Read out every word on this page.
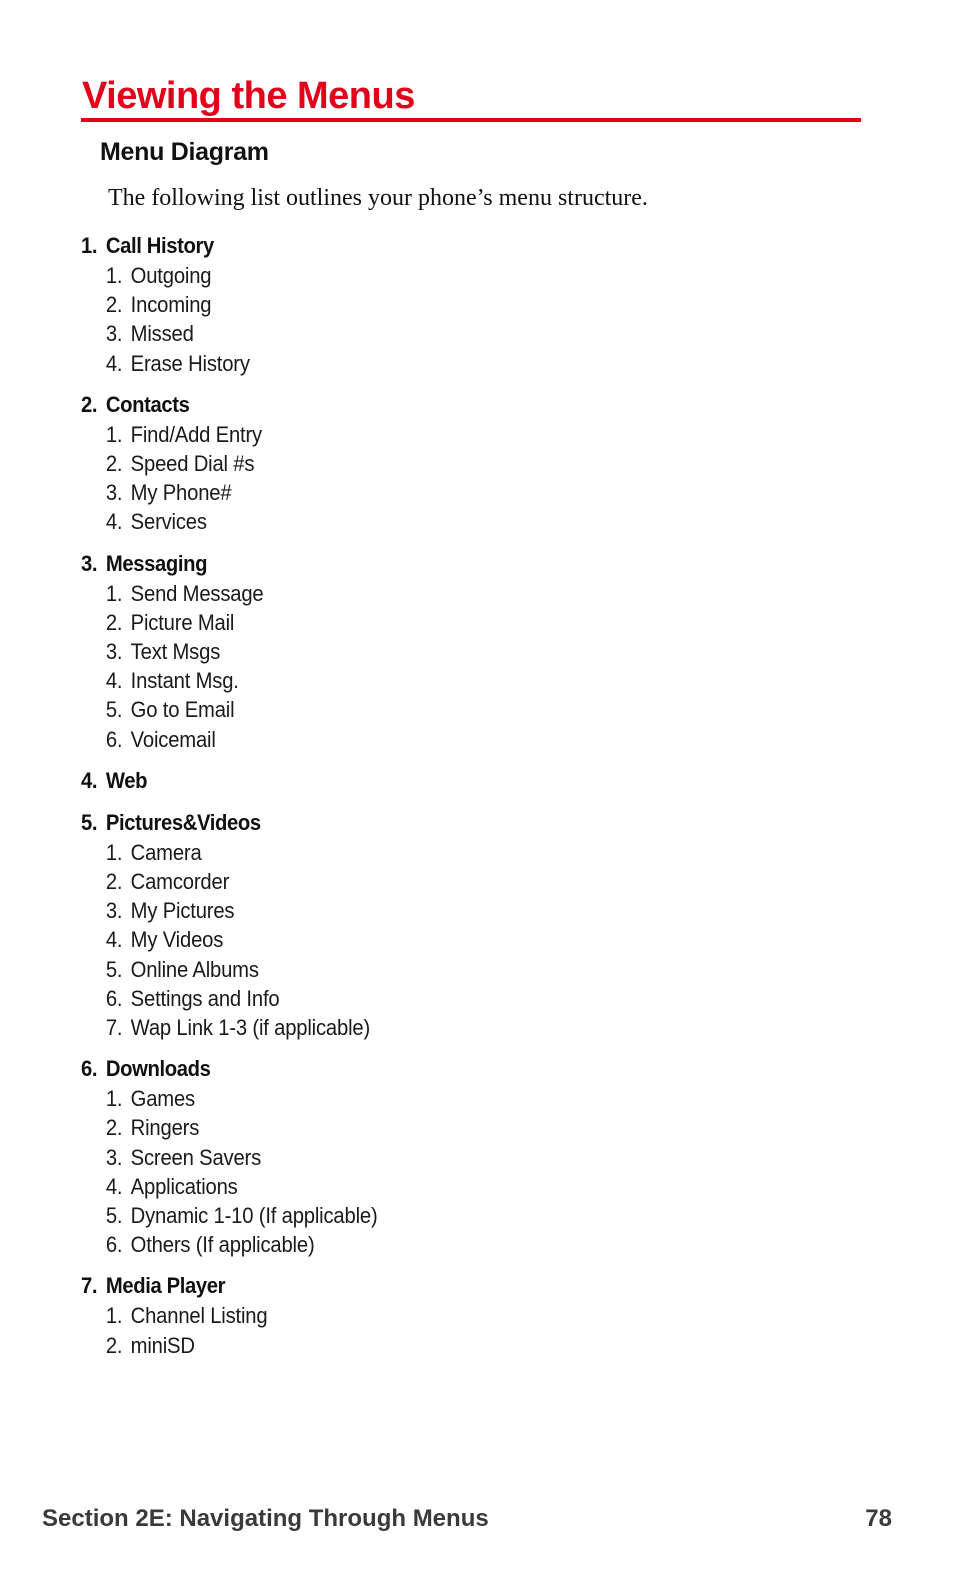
Viewing the Menus
Menu Diagram

The following list outlines your phone’s menu structure.

1. Call History
1. Outgoing
2. Incoming
3. Missed
4. Erase History
2. Contacts
1. Find/Add Entry
2. Speed Dial #s
3. My Phone#
4. Services
3. Messaging
1. Send Message
2. Picture Mail
3. Text Msgs
4. Instant Msg.
5. Go to Email
6. Voicemail
4. Web
5. Pictures&Videos
1. Camera
2. Camcorder
3. My Pictures
4. My Videos
5. Online Albums
6. Settings and Info
7. Wap Link 1-3 (if applicable)
6. Downloads
1. Games
2. Ringers
3. Screen Savers
4. Applications
5. Dynamic 1-10 (If applicable)
6. Others (If applicable)
7. Media Player
1. Channel Listing
2. miniSD
Section 2E: Navigating Through Menus	78
